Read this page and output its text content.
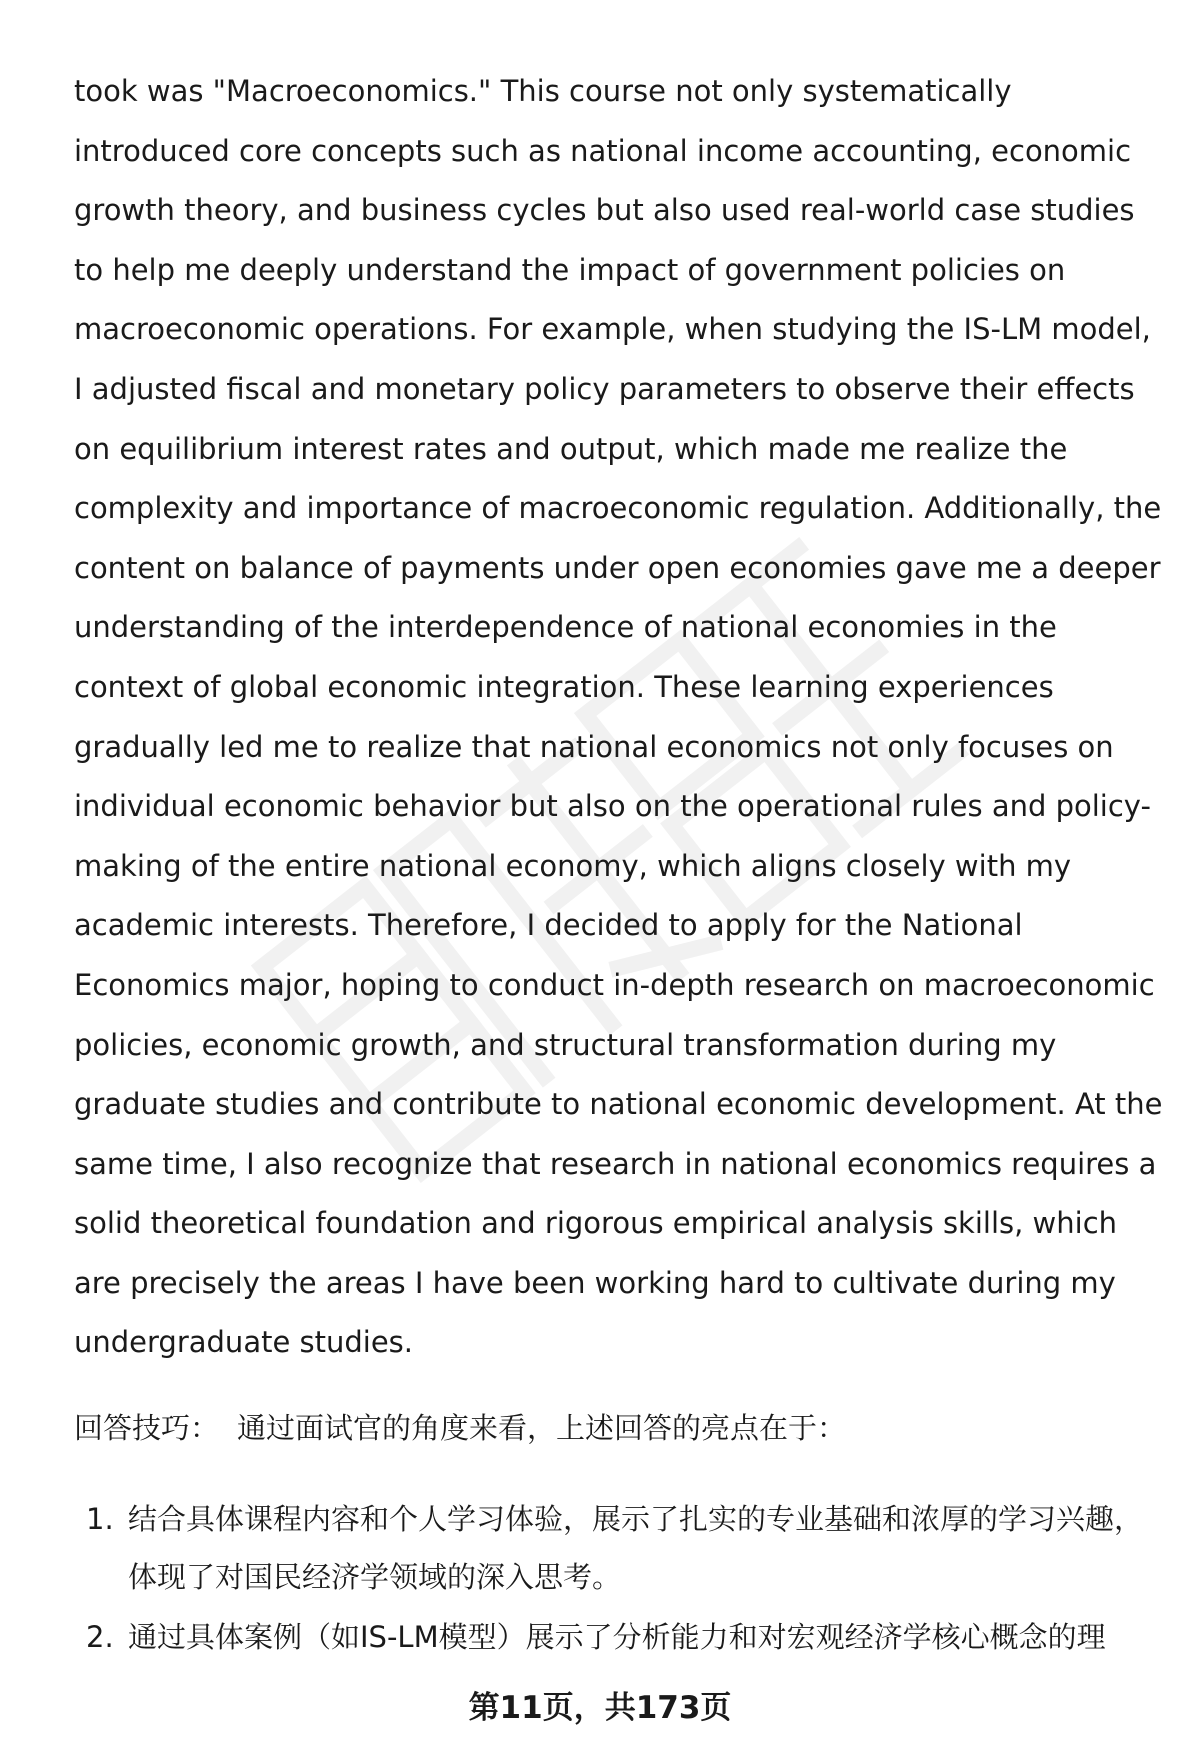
took was "Macroeconomics." This course not only systematically introduced core concepts such as national income accounting, economic growth theory, and business cycles but also used real-world case studies to help me deeply understand the impact of government policies on macroeconomic operations. For example, when studying the IS-LM model, I adjusted fiscal and monetary policy parameters to observe their effects on equilibrium interest rates and output, which made me realize the complexity and importance of macroeconomic regulation. Additionally, the content on balance of payments under open economies gave me a deeper understanding of the interdependence of national economies in the context of global economic integration. These learning experiences gradually led me to realize that national economics not only focuses on individual economic behavior but also on the operational rules and policy-making of the entire national economy, which aligns closely with my academic interests. Therefore, I decided to apply for the National Economics major, hoping to conduct in-depth research on macroeconomic policies, economic growth, and structural transformation during my graduate studies and contribute to national economic development. At the same time, I also recognize that research in national economics requires a solid theoretical foundation and rigorous empirical analysis skills, which are precisely the areas I have been working hard to cultivate during my undergraduate studies.

回答技巧： 通过面试官的角度来看，上述回答的亮点在于：

1. 结合具体课程内容和个人学习体验，展示了扎实的专业基础和浓厚的学习兴趣，体现了对国民经济学领域的深入思考。
2. 通过具体案例（如IS-LM模型）展示了分析能力和对宏观经济学核心概念的理
第11页，共173页
